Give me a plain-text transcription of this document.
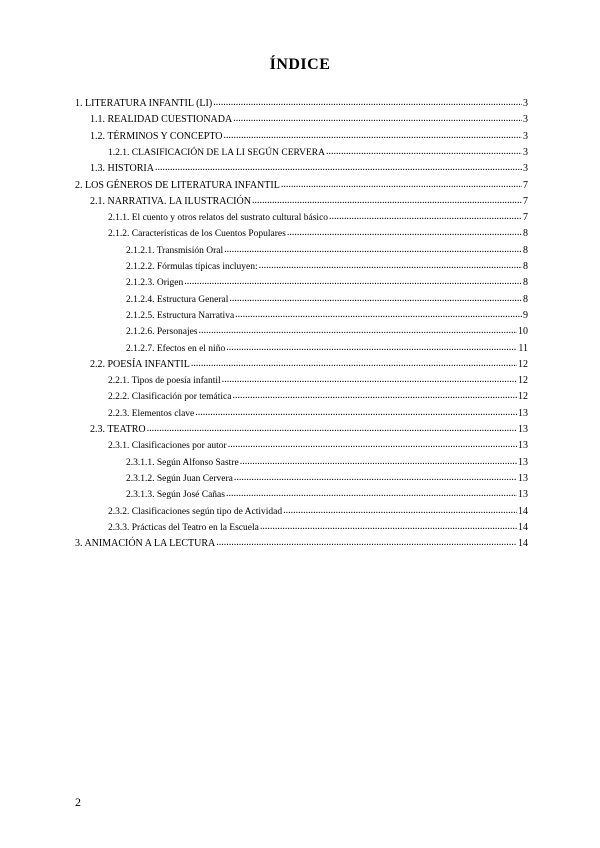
ÍNDICE
1. LITERATURA INFANTIL (LI) .....	3
1.1. REALIDAD CUESTIONADA .....	3
1.2. TÉRMINOS Y CONCEPTO .....	3
1.2.1. CLASIFICACIÓN DE LA LI SEGÚN CERVERA .....	3
1.3. HISTORIA .....	3
2. LOS GÉNEROS DE LITERATURA INFANTIL .....	7
2.1. NARRATIVA. LA ILUSTRACIÓN .....	7
2.1.1. El cuento y otros relatos del sustrato cultural básico .....	7
2.1.2. Características de los Cuentos Populares .....	8
2.1.2.1. Transmisión Oral .....	8
2.1.2.2. Fórmulas típicas incluyen: .....	8
2.1.2.3. Origen .....	8
2.1.2.4. Estructura General .....	8
2.1.2.5. Estructura Narrativa .....	9
2.1.2.6. Personajes .....	10
2.1.2.7. Efectos en el niño .....	11
2.2. POESÍA INFANTIL .....	12
2.2.1. Tipos de poesía infantil .....	12
2.2.2. Clasificación por temática .....	12
2.2.3. Elementos clave .....	13
2.3. TEATRO .....	13
2.3.1. Clasificaciones por autor .....	13
2.3.1.1. Según Alfonso Sastre .....	13
2.3.1.2. Según Juan Cervera .....	13
2.3.1.3. Según José Cañas .....	13
2.3.2. Clasificaciones según tipo de Actividad .....	14
2.3.3. Prácticas del Teatro en la Escuela .....	14
3. ANIMACIÓN A LA LECTURA .....	14
2
